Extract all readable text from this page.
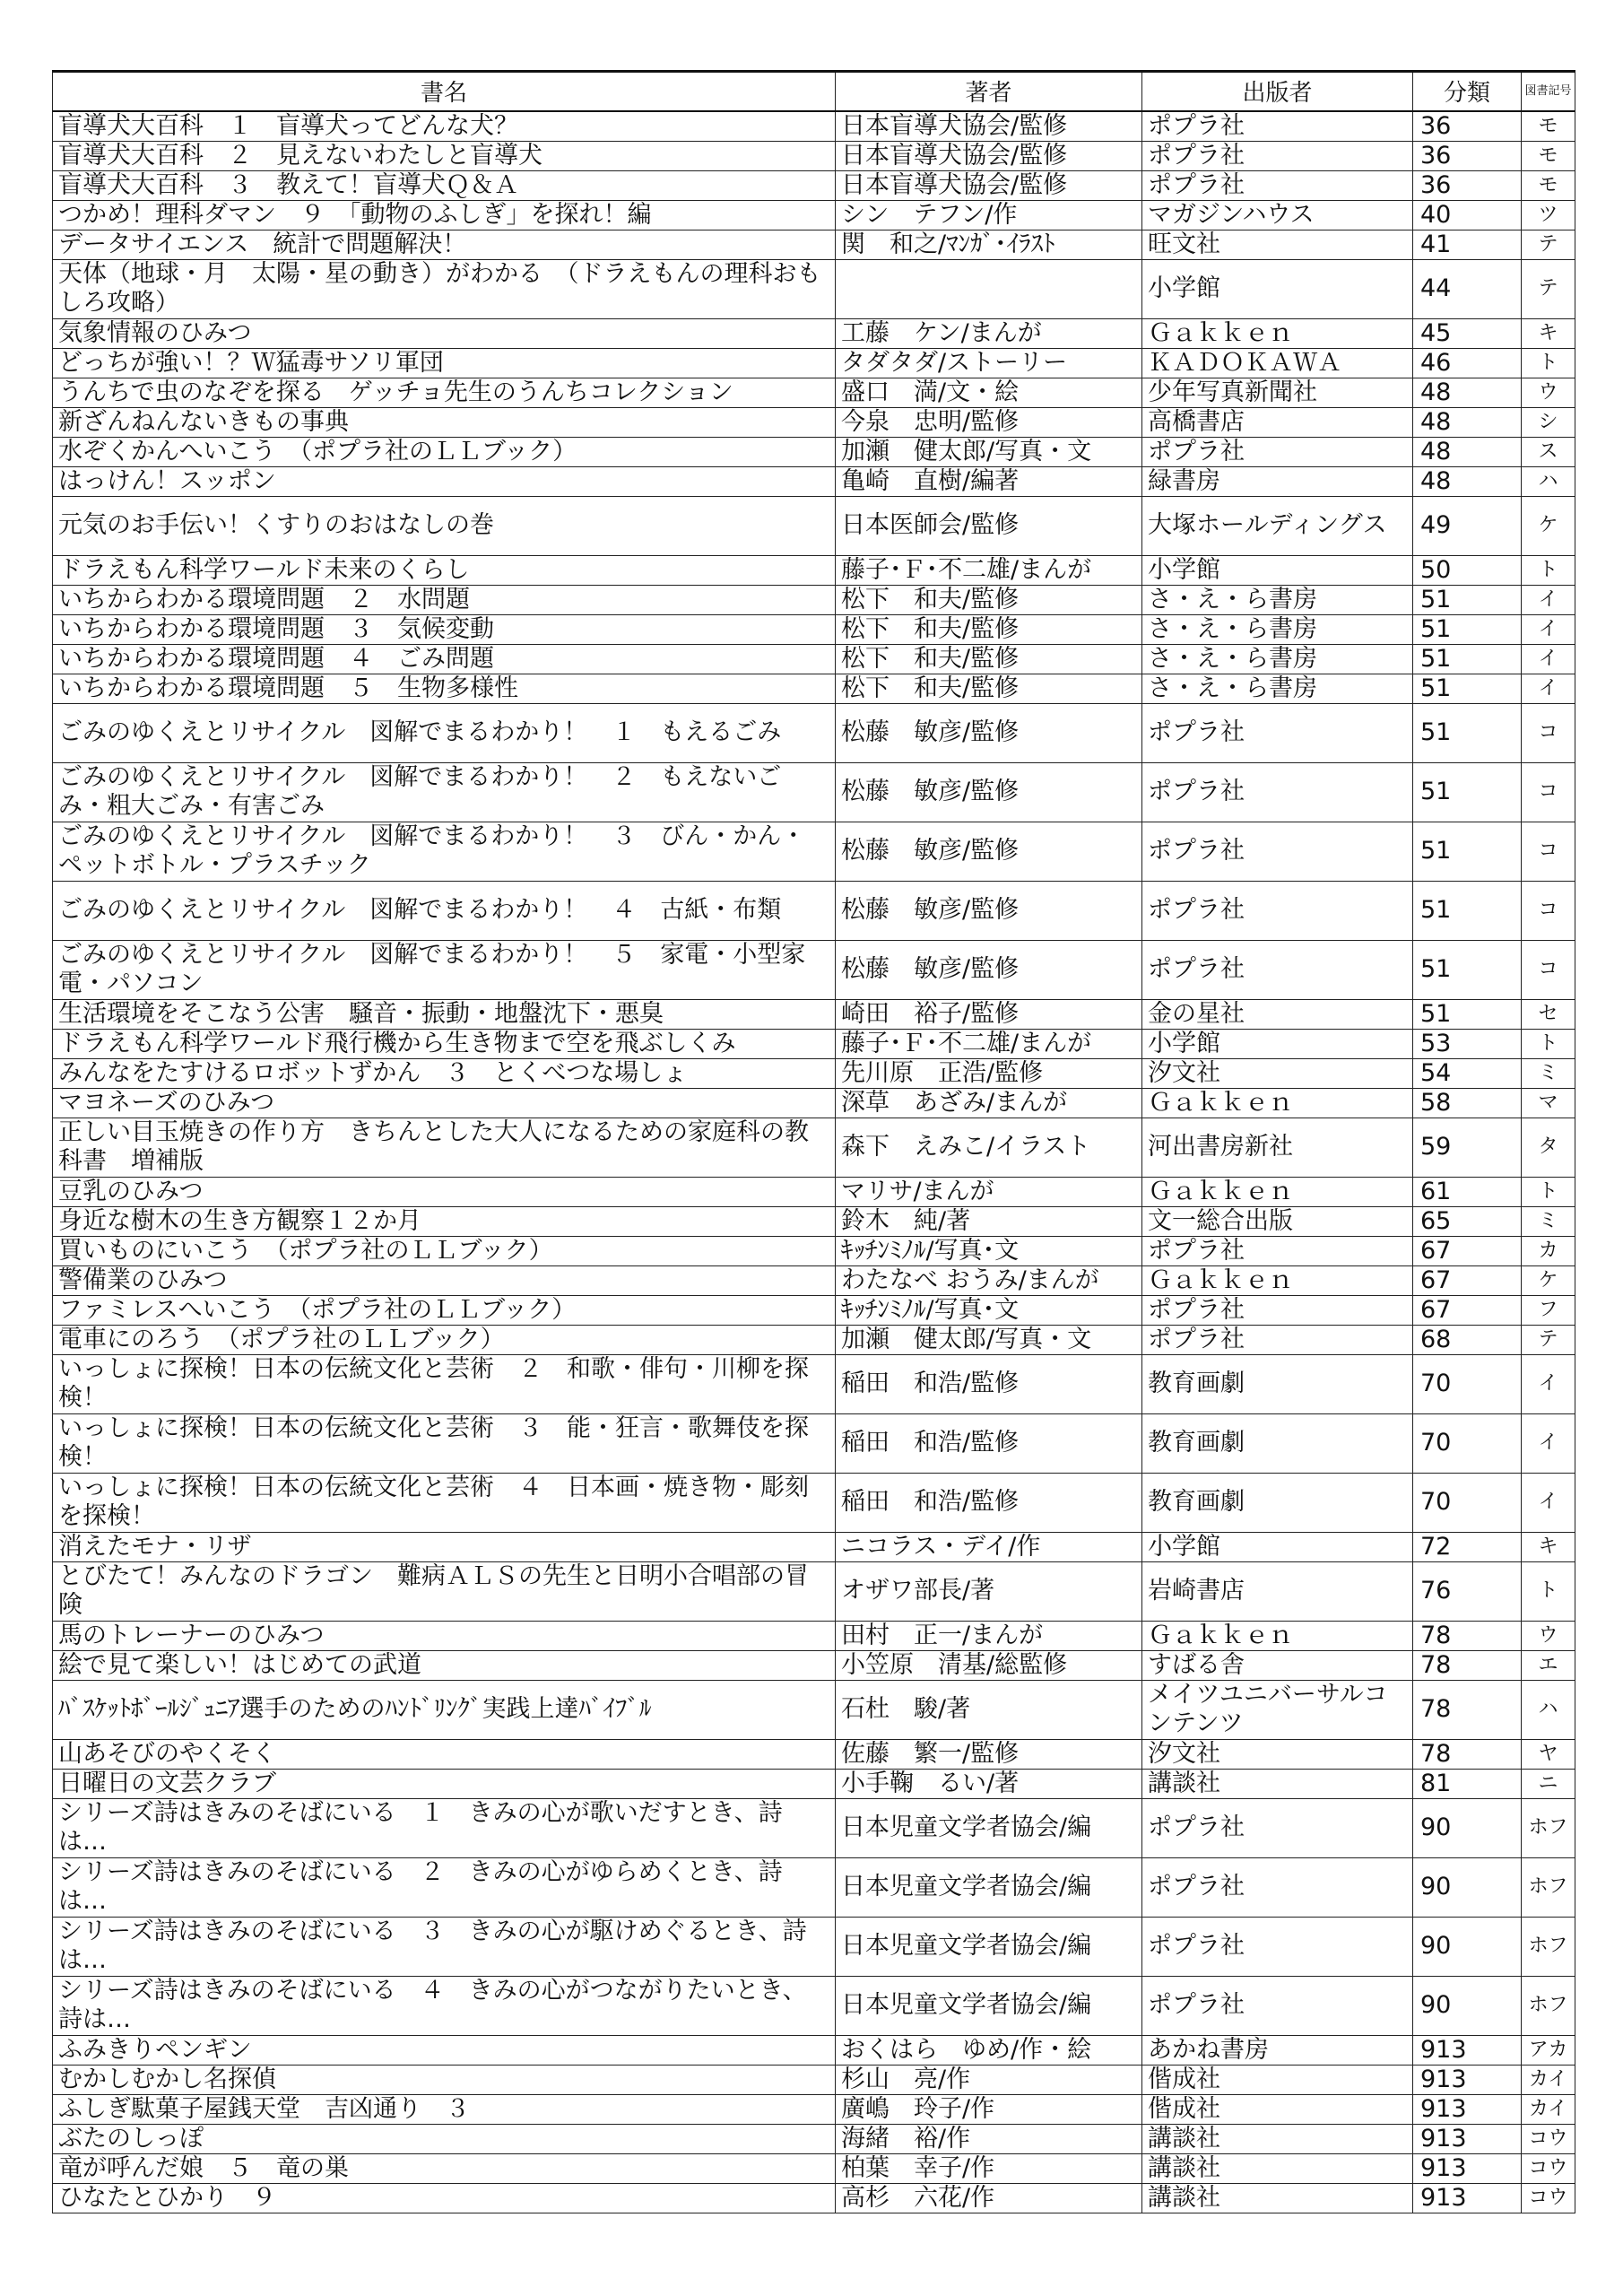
書名	著者	出版者	分類	図書記号
盲導犬大百科　１　盲導犬ってどんな犬？	日本盲導犬協会/監修	ポプラ社	36	モ
盲導犬大百科　２　見えないわたしと盲導犬	日本盲導犬協会/監修	ポプラ社	36	モ
盲導犬大百科　３　教えて！盲導犬Ｑ＆Ａ	日本盲導犬協会/監修	ポプラ社	36	モ
つかめ！理科ダマン　９　「動物のふしぎ」を探れ！編	シン　テフン/作	マガジンハウス	40	ツ
データサイエンス　統計で問題解決！	関　和之/ﾏﾝｶﾞ･ｲﾗｽﾄ	旺文社	41	テ
天体（地球・月　太陽・星の動き）がわかる　（ドラえもんの理科おもしろ攻略）		小学館	44	テ
気象情報のひみつ	工藤　ケン/まんが	Ｇａｋｋｅｎ	45	キ
どっちが強い！？Ｗ猛毒サソリ軍団	タダタダ/ストーリー	ＫＡＤＯＫＡＷＡ	46	ト
うんちで虫のなぞを探る　ゲッチョ先生のうんちコレクション	盛口　満/文・絵	少年写真新聞社	48	ウ
新ざんねんないきもの事典	今泉　忠明/監修	高橋書店	48	シ
水ぞくかんへいこう　（ポプラ社のＬＬブック）	加瀬　健太郎/写真・文	ポプラ社	48	ス
はっけん！スッポン	亀崎　直樹/編著	緑書房	48	ハ
元気のお手伝い！くすりのおはなしの巻	日本医師会/監修	大塚ホールディングス	49	ケ
ドラえもん科学ワールド未来のくらし	藤子･Ｆ･不二雄/まんが	小学館	50	ト
いちからわかる環境問題　２　水問題	松下　和夫/監修	さ・え・ら書房	51	イ
いちからわかる環境問題　３　気候変動	松下　和夫/監修	さ・え・ら書房	51	イ
いちからわかる環境問題　４　ごみ問題	松下　和夫/監修	さ・え・ら書房	51	イ
いちからわかる環境問題　５　生物多様性	松下　和夫/監修	さ・え・ら書房	51	イ
ごみのゆくえとリサイクル　図解でまるわかり！　１　もえるごみ	松藤　敏彦/監修	ポプラ社	51	コ
ごみのゆくえとリサイクル　図解でまるわかり！　２　もえないごみ・粗大ごみ・有害ごみ	松藤　敏彦/監修	ポプラ社	51	コ
ごみのゆくえとリサイクル　図解でまるわかり！　３　びん・かん・ペットボトル・プラスチック	松藤　敏彦/監修	ポプラ社	51	コ
ごみのゆくえとリサイクル　図解でまるわかり！　４　古紙・布類	松藤　敏彦/監修	ポプラ社	51	コ
ごみのゆくえとリサイクル　図解でまるわかり！　５　家電・小型家電・パソコン	松藤　敏彦/監修	ポプラ社	51	コ
生活環境をそこなう公害　騒音・振動・地盤沈下・悪臭	崎田　裕子/監修	金の星社	51	セ
ドラえもん科学ワールド飛行機から生き物まで空を飛ぶしくみ	藤子･Ｆ･不二雄/まんが	小学館	53	ト
みんなをたすけるロボットずかん　３　とくべつな場しょ	先川原　正浩/監修	汐文社	54	ミ
マヨネーズのひみつ	深草　あざみ/まんが	Ｇａｋｋｅｎ	58	マ
正しい目玉焼きの作り方　きちんとした大人になるための家庭科の教科書　増補版	森下　えみこ/イラスト	河出書房新社	59	タ
豆乳のひみつ	マリサ/まんが	Ｇａｋｋｅｎ	61	ト
身近な樹木の生き方観察１２か月	鈴木　純/著	文一総合出版	65	ミ
買いものにいこう　（ポプラ社のＬＬブック）	ｷｯﾁﾝﾐﾉﾙ/写真･文	ポプラ社	67	カ
警備業のひみつ	わたなべ おうみ/まんが	Ｇａｋｋｅｎ	67	ケ
ファミレスへいこう　（ポプラ社のＬＬブック）	ｷｯﾁﾝﾐﾉﾙ/写真･文	ポプラ社	67	フ
電車にのろう　（ポプラ社のＬＬブック）	加瀬　健太郎/写真・文	ポプラ社	68	テ
いっしょに探検！日本の伝統文化と芸術　２　和歌・俳句・川柳を探検！	稲田　和浩/監修	教育画劇	70	イ
いっしょに探検！日本の伝統文化と芸術　３　能・狂言・歌舞伎を探検！	稲田　和浩/監修	教育画劇	70	イ
いっしょに探検！日本の伝統文化と芸術　４　日本画・焼き物・彫刻を探検！	稲田　和浩/監修	教育画劇	70	イ
消えたモナ・リザ	ニコラス・デイ/作	小学館	72	キ
とびたて！みんなのドラゴン　難病ＡＬＳの先生と日明小合唱部の冒険	オザワ部長/著	岩崎書店	76	ト
馬のトレーナーのひみつ	田村　正一/まんが	Ｇａｋｋｅｎ	78	ウ
絵で見て楽しい！はじめての武道	小笠原　清基/総監修	すばる舎	78	エ
ﾊﾞｽｹｯﾄﾎﾞｰﾙｼﾞｭﾆｱ選手のためのﾊﾝﾄﾞﾘﾝｸﾞ実践上達ﾊﾞｲﾌﾞﾙ	石杜　駿/著	メイツユニバーサルコンテンツ	78	ハ
山あそびのやくそく	佐藤　繁一/監修	汐文社	78	ヤ
日曜日の文芸クラブ	小手鞠　るい/著	講談社	81	ニ
シリーズ詩はきみのそばにいる　１　きみの心が歌いだすとき、詩は…	日本児童文学者協会/編	ポプラ社	90	ホフ
シリーズ詩はきみのそばにいる　２　きみの心がゆらめくとき、詩は…	日本児童文学者協会/編	ポプラ社	90	ホフ
シリーズ詩はきみのそばにいる　３　きみの心が駆けめぐるとき、詩は…	日本児童文学者協会/編	ポプラ社	90	ホフ
シリーズ詩はきみのそばにいる　４　きみの心がつながりたいとき、詩は…	日本児童文学者協会/編	ポプラ社	90	ホフ
ふみきりペンギン	おくはら　ゆめ/作・絵	あかね書房	913	アカ
むかしむかし名探偵	杉山　亮/作	偕成社	913	カイ
ふしぎ駄菓子屋銭天堂　吉凶通り　３	廣嶋　玲子/作	偕成社	913	カイ
ぶたのしっぽ	海緒　裕/作	講談社	913	コウ
竜が呼んだ娘　５　竜の巣	柏葉　幸子/作	講談社	913	コウ
ひなたとひかり　９	高杉　六花/作	講談社	913	コウ
